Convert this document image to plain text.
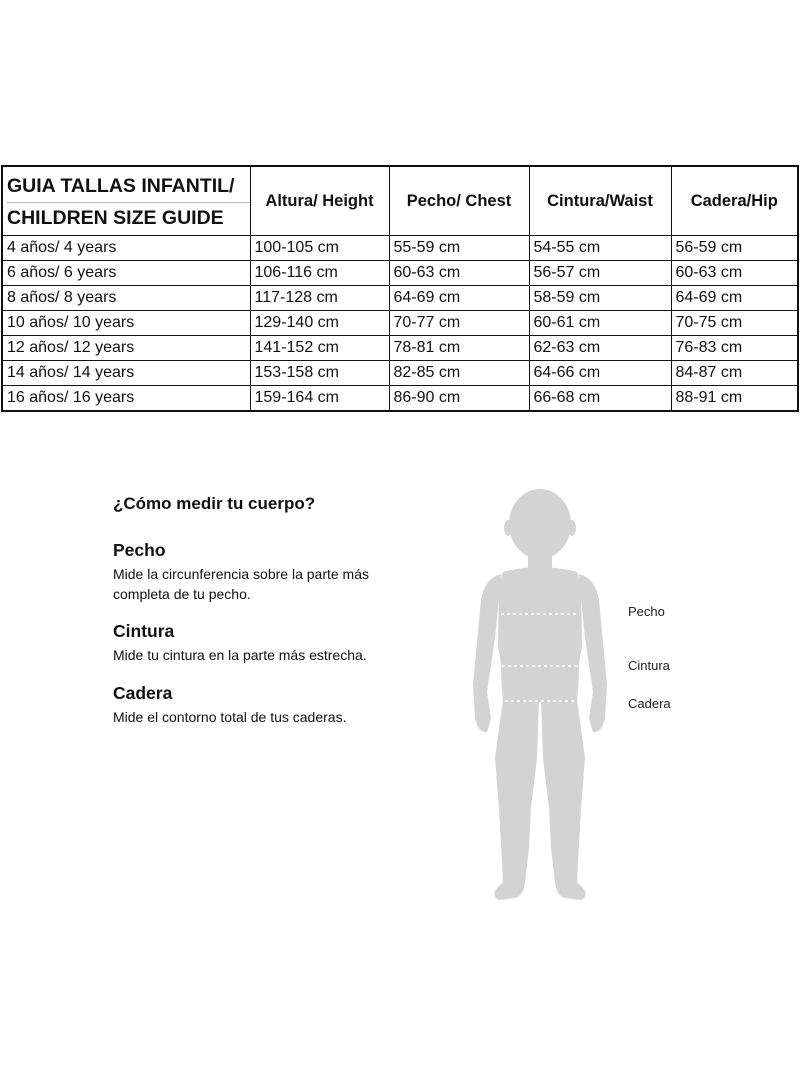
GUIA TALLAS INFANTIL/
CHILDREN SIZE GUIDE	Altura/ Height	Pecho/ Chest	Cintura/Waist	Cadera/Hip
4 años/ 4 years	100-105 cm	55-59 cm	54-55 cm	56-59 cm
6 años/ 6 years	106-116 cm	60-63 cm	56-57 cm	60-63 cm
8 años/ 8 years	117-128 cm	64-69 cm	58-59 cm	64-69 cm
10 años/ 10 years	129-140 cm	70-77 cm	60-61 cm	70-75 cm
12 años/ 12 years	141-152 cm	78-81 cm	62-63 cm	76-83 cm
14 años/ 14 years	153-158 cm	82-85 cm	64-66 cm	84-87 cm
16 años/ 16 years	159-164 cm	86-90 cm	66-68 cm	88-91 cm
¿Cómo medir tu cuerpo?
Pecho
Mide la circunferencia sobre la parte más completa de tu pecho.
Cintura
Mide tu cintura en la parte más estrecha.
Cadera
Mide el contorno total de tus caderas.
Pecho
Cintura
Cadera
